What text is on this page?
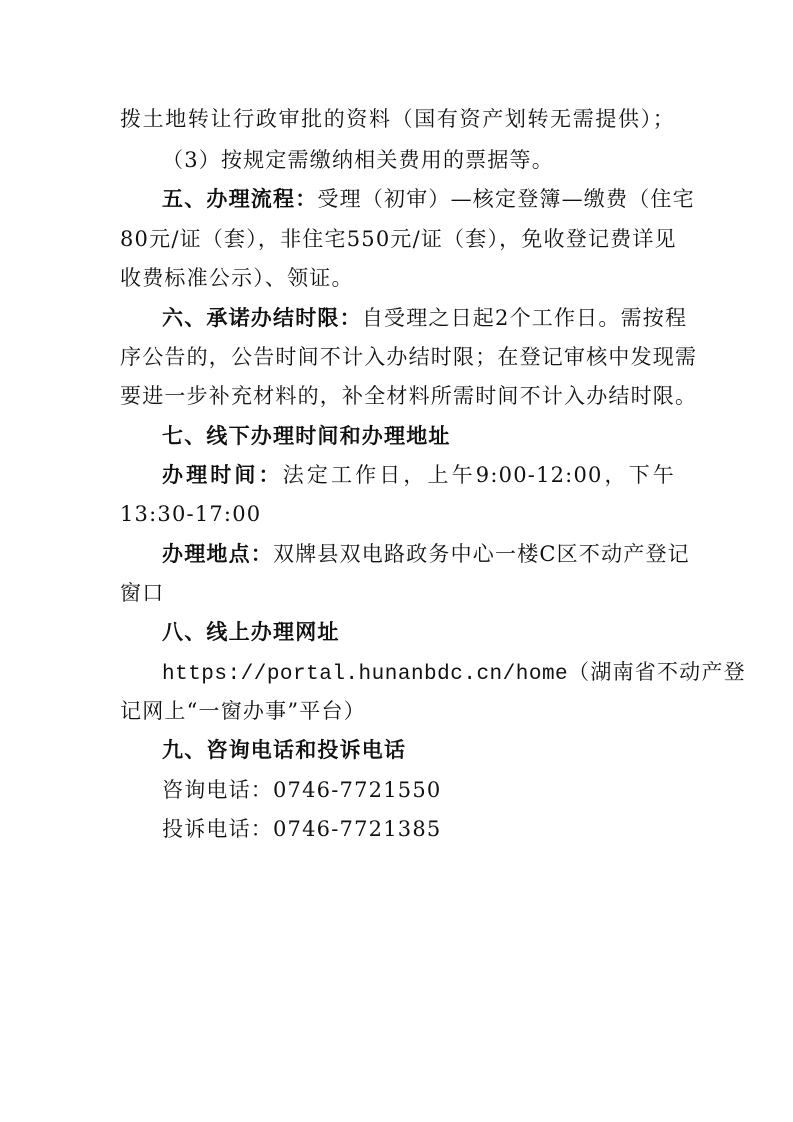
拨土地转让行政审批的资料（国有资产划转无需提供）；
（3）按规定需缴纳相关费用的票据等。
五、办理流程：受理（初审）—核定登簿—缴费（住宅
80元/证（套），非住宅550元/证（套），免收登记费详见
收费标准公示）、领证。
六、承诺办结时限：自受理之日起2个工作日。需按程
序公告的，公告时间不计入办结时限；在登记审核中发现需
要进一步补充材料的，补全材料所需时间不计入办结时限。
七、线下办理时间和办理地址
办理时间：法定工作日，上午9:00-12:00，下午
13:30-17:00
办理地点：双牌县双电路政务中心一楼C区不动产登记
窗口
八、线上办理网址
https://portal.hunanbdc.cn/home（湖南省不动产登
记网上“一窗办事”平台）
九、咨询电话和投诉电话
咨询电话：0746-7721550
投诉电话：0746-7721385
